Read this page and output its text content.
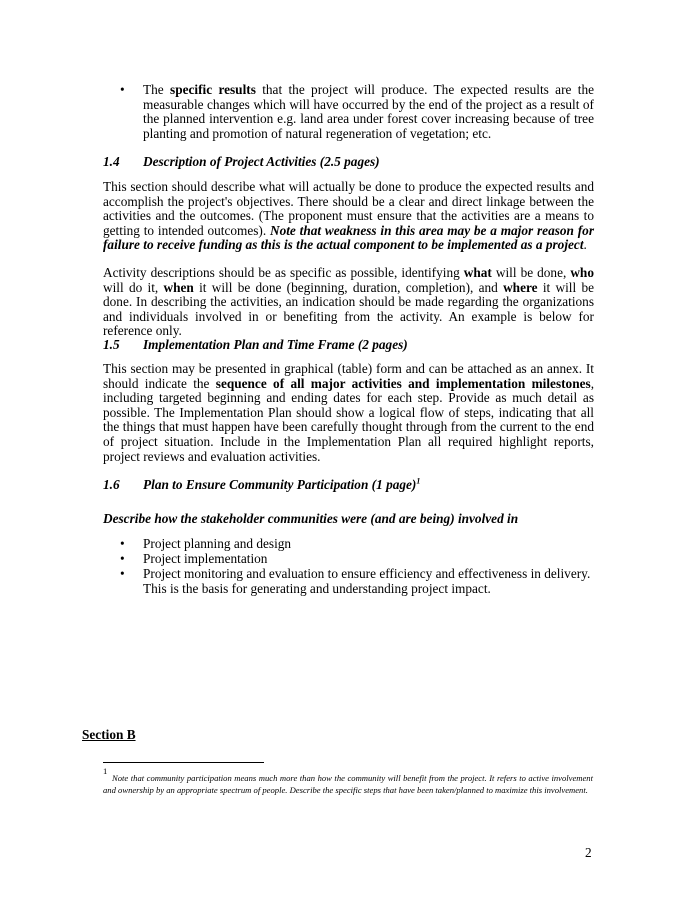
• The specific results that the project will produce. The expected results are the measurable changes which will have occurred by the end of the project as a result of the planned intervention e.g. land area under forest cover increasing because of tree planting and promotion of natural regeneration of vegetation; etc.
1.4 Description of Project Activities (2.5 pages)
This section should describe what will actually be done to produce the expected results and accomplish the project's objectives. There should be a clear and direct linkage between the activities and the outcomes. (The proponent must ensure that the activities are a means to getting to intended outcomes). Note that weakness in this area may be a major reason for failure to receive funding as this is the actual component to be implemented as a project.
Activity descriptions should be as specific as possible, identifying what will be done, who will do it, when it will be done (beginning, duration, completion), and where it will be done. In describing the activities, an indication should be made regarding the organizations and individuals involved in or benefiting from the activity. An example is below for reference only.
1.5 Implementation Plan and Time Frame (2 pages)
This section may be presented in graphical (table) form and can be attached as an annex. It should indicate the sequence of all major activities and implementation milestones, including targeted beginning and ending dates for each step. Provide as much detail as possible. The Implementation Plan should show a logical flow of steps, indicating that all the things that must happen have been carefully thought through from the current to the end of project situation. Include in the Implementation Plan all required highlight reports, project reviews and evaluation activities.
1.6 Plan to Ensure Community Participation (1 page)$^1$
Describe how the stakeholder communities were (and are being) involved in
• Project planning and design
• Project implementation
• Project monitoring and evaluation to ensure efficiency and effectiveness in delivery. This is the basis for generating and understanding project impact.
Section B
1
Note that community participation means much more than how the community will benefit from the project. It refers to active involvement and ownership by an appropriate spectrum of people. Describe the specific steps that have been taken/planned to maximize this involvement.
2
